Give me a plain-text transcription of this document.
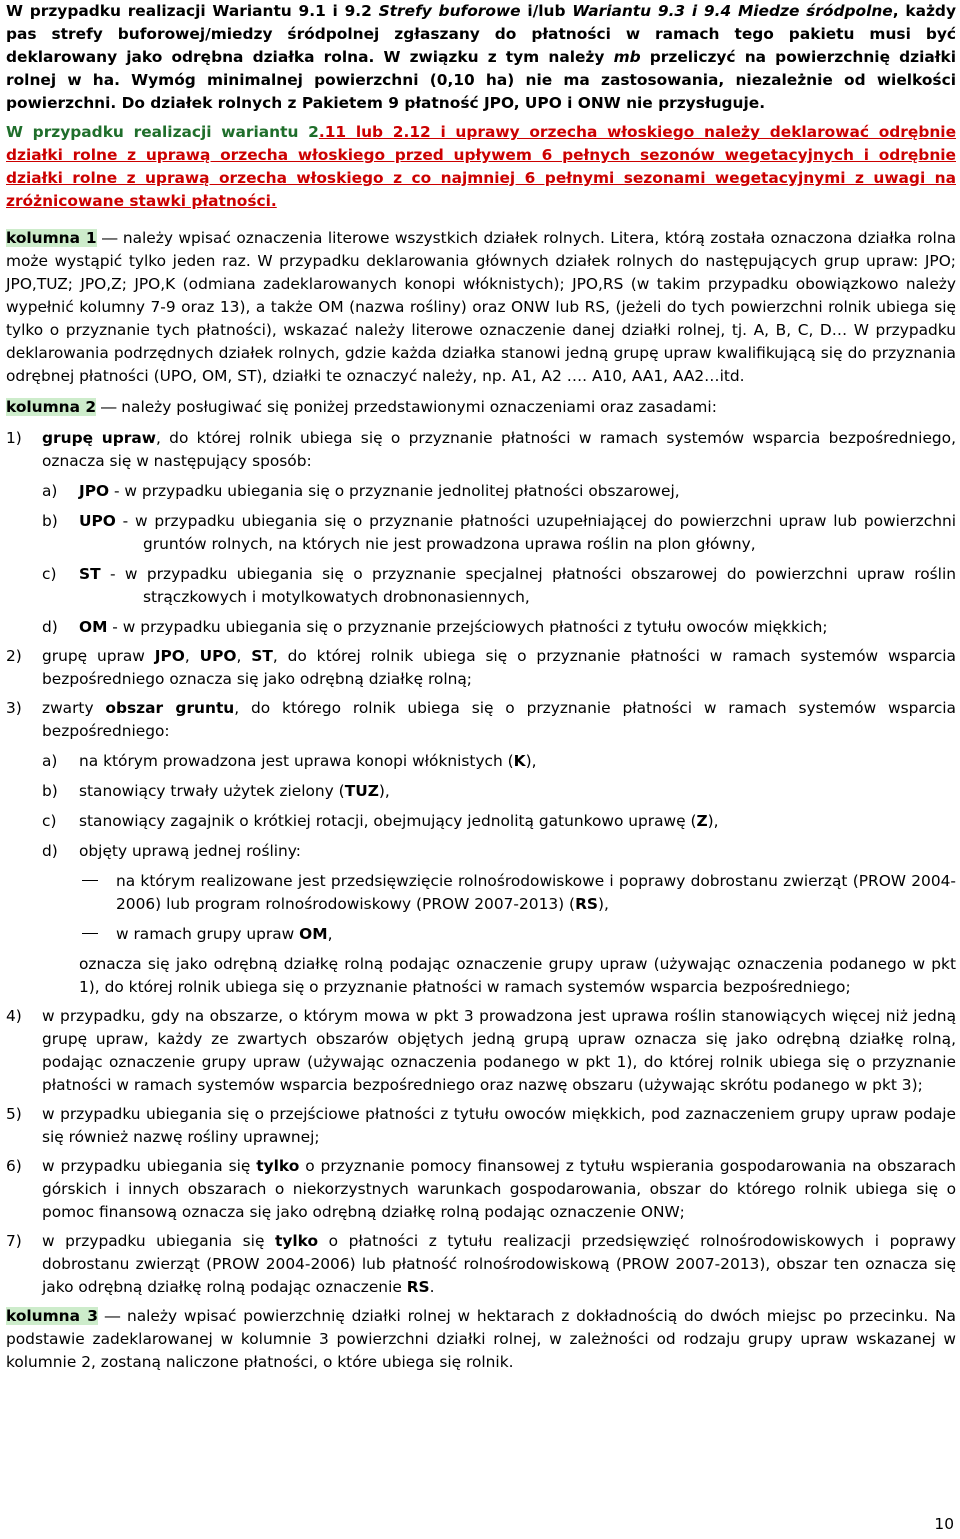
W przypadku realizacji Wariantu 9.1 i 9.2 Strefy buforowe i/lub Wariantu 9.3 i 9.4 Miedze śródpolne, każdy pas strefy buforowej/miedzy śródpolnej zgłaszany do płatności w ramach tego pakietu musi być deklarowany jako odrębna działka rolna. W związku z tym należy mb przeliczyć na powierzchnię działki rolnej w ha. Wymóg minimalnej powierzchni (0,10 ha) nie ma zastosowania, niezależnie od wielkości powierzchni. Do działek rolnych z Pakietem 9 płatność JPO, UPO i ONW nie przysługuje.

W przypadku realizacji wariantu 2.11 lub 2.12 i uprawy orzecha włoskiego należy deklarować odrębnie działki rolne z uprawą orzecha włoskiego przed upływem 6 pełnych sezonów wegetacyjnych i odrębnie działki rolne z uprawą orzecha włoskiego z co najmniej 6 pełnymi sezonami wegetacyjnymi z uwagi na zróżnicowane stawki płatności.

kolumna 1 ― należy wpisać oznaczenia literowe wszystkich działek rolnych. Litera, którą została oznaczona działka rolna może wystąpić tylko jeden raz. W przypadku deklarowania głównych działek rolnych do następujących grup upraw: JPO; JPO,TUZ; JPO,Z; JPO,K (odmiana zadeklarowanych konopi włóknistych); JPO,RS (w takim przypadku obowiązkowo należy wypełnić kolumny 7-9 oraz 13), a także OM (nazwa rośliny) oraz ONW lub RS, (jeżeli do tych powierzchni rolnik ubiega się tylko o przyznanie tych płatności), wskazać należy literowe oznaczenie danej działki rolnej, tj. A, B, C, D… W przypadku deklarowania podrzędnych działek rolnych, gdzie każda działka stanowi jedną grupę upraw kwalifikującą się do przyznania odrębnej płatności (UPO, OM, ST), działki te oznaczyć należy, np. A1, A2 …. A10, AA1, AA2…itd.

kolumna 2 ― należy posługiwać się poniżej przedstawionymi oznaczeniami oraz zasadami:

1) grupę upraw, do której rolnik ubiega się o przyznanie płatności w ramach systemów wsparcia bezpośredniego, oznacza się w następujący sposób:
a) JPO - w przypadku ubiegania się o przyznanie jednolitej płatności obszarowej,
b) UPO - w przypadku ubiegania się o przyznanie płatności uzupełniającej do powierzchni upraw lub powierzchni gruntów rolnych, na których nie jest prowadzona uprawa roślin na plon główny,
c) ST - w przypadku ubiegania się o przyznanie specjalnej płatności obszarowej do powierzchni upraw roślin strączkowych i motylkowatych drobnonasiennych,
d) OM - w przypadku ubiegania się o przyznanie przejściowych płatności z tytułu owoców miękkich;
2) grupę upraw JPO, UPO, ST, do której rolnik ubiega się o przyznanie płatności w ramach systemów wsparcia bezpośredniego oznacza się jako odrębną działkę rolną;
3) zwarty obszar gruntu, do którego rolnik ubiega się o przyznanie płatności w ramach systemów wsparcia bezpośredniego:
a) na którym prowadzona jest uprawa konopi włóknistych (K),
b) stanowiący trwały użytek zielony (TUZ),
c) stanowiący zagajnik o krótkiej rotacji, obejmujący jednolitą gatunkowo uprawę (Z),
d) objęty uprawą jednej rośliny:
na którym realizowane jest przedsięwzięcie rolnośrodowiskowe i poprawy dobrostanu zwierząt (PROW 2004-2006) lub program rolnośrodowiskowy (PROW 2007-2013) (RS),
w ramach grupy upraw OM,

oznacza się jako odrębną działkę rolną podając oznaczenie grupy upraw (używając oznaczenia podanego w pkt 1), do której rolnik ubiega się o przyznanie płatności w ramach systemów wsparcia bezpośredniego;

4) w przypadku, gdy na obszarze, o którym mowa w pkt 3 prowadzona jest uprawa roślin stanowiących więcej niż jedną grupę upraw, każdy ze zwartych obszarów objętych jedną grupą upraw oznacza się jako odrębną działkę rolną, podając oznaczenie grupy upraw (używając oznaczenia podanego w pkt 1), do której rolnik ubiega się o przyznanie płatności w ramach systemów wsparcia bezpośredniego oraz nazwę obszaru (używając skrótu podanego w pkt 3);
5) w przypadku ubiegania się o przejściowe płatności z tytułu owoców miękkich, pod zaznaczeniem grupy upraw podaje się również nazwę rośliny uprawnej;
6) w przypadku ubiegania się tylko o przyznanie pomocy finansowej z tytułu wspierania gospodarowania na obszarach górskich i innych obszarach o niekorzystnych warunkach gospodarowania, obszar do którego rolnik ubiega się o pomoc finansową oznacza się jako odrębną działkę rolną podając oznaczenie ONW;
7) w przypadku ubiegania się tylko o płatności z tytułu realizacji przedsięwzięć rolnośrodowiskowych i poprawy dobrostanu zwierząt (PROW 2004-2006) lub płatność rolnośrodowiskową (PROW 2007-2013), obszar ten oznacza się jako odrębną działkę rolną podając oznaczenie RS.

kolumna 3 ― należy wpisać powierzchnię działki rolnej w hektarach z dokładnością do dwóch miejsc po przecinku. Na podstawie zadeklarowanej w kolumnie 3 powierzchni działki rolnej, w zależności od rodzaju grupy upraw wskazanej w kolumnie 2, zostaną naliczone płatności, o które ubiega się rolnik.

10
